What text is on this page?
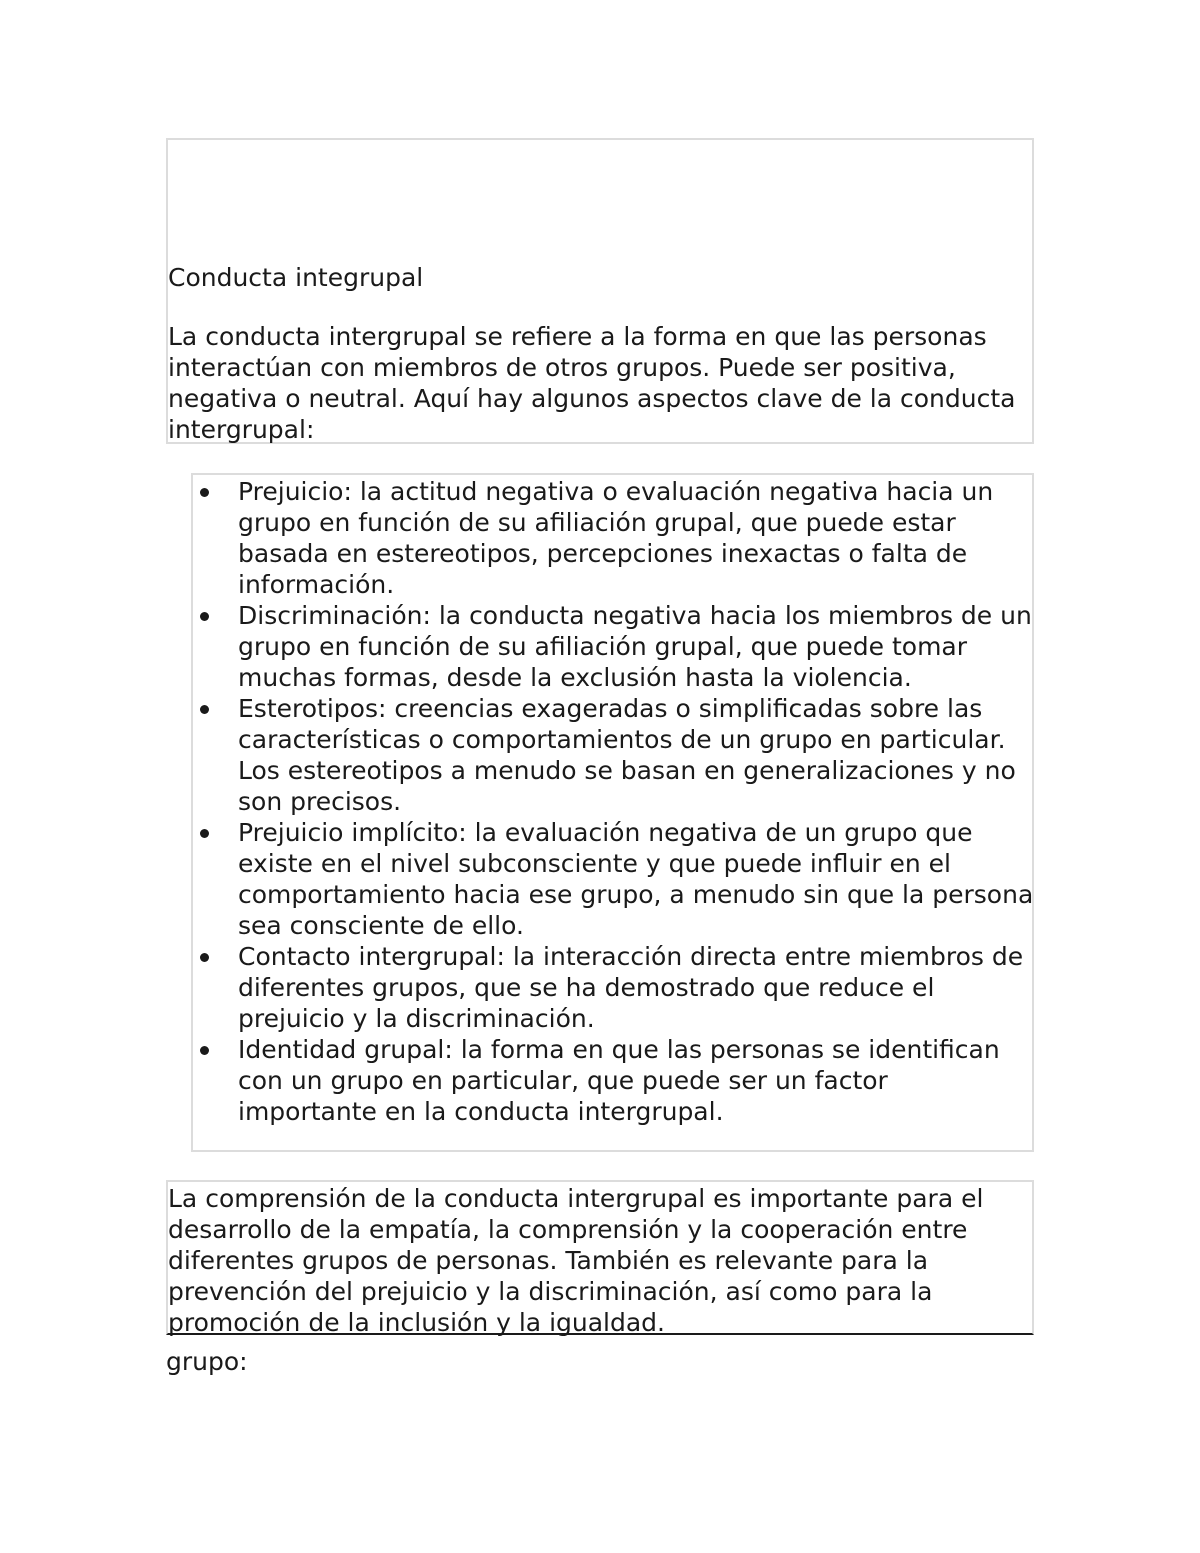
Conducta integrupal

La conducta intergrupal se refiere a la forma en que las personas interactúan con miembros de otros grupos. Puede ser positiva, negativa o neutral. Aquí hay algunos aspectos clave de la conducta intergrupal:

Prejuicio: la actitud negativa o evaluación negativa hacia un grupo en función de su afiliación grupal, que puede estar basada en estereotipos, percepciones inexactas o falta de información.
Discriminación: la conducta negativa hacia los miembros de un grupo en función de su afiliación grupal, que puede tomar muchas formas, desde la exclusión hasta la violencia.
Esterotipos: creencias exageradas o simplificadas sobre las características o comportamientos de un grupo en particular. Los estereotipos a menudo se basan en generalizaciones y no son precisos.
Prejuicio implícito: la evaluación negativa de un grupo que existe en el nivel subconsciente y que puede influir en el comportamiento hacia ese grupo, a menudo sin que la persona sea consciente de ello.
Contacto intergrupal: la interacción directa entre miembros de diferentes grupos, que se ha demostrado que reduce el prejuicio y la discriminación.
Identidad grupal: la forma en que las personas se identifican con un grupo en particular, que puede ser un factor importante en la conducta intergrupal.

La comprensión de la conducta intergrupal es importante para el desarrollo de la empatía, la comprensión y la cooperación entre diferentes grupos de personas. También es relevante para la prevención del prejuicio y la discriminación, así como para la promoción de la inclusión y la igualdad.

grupo:
